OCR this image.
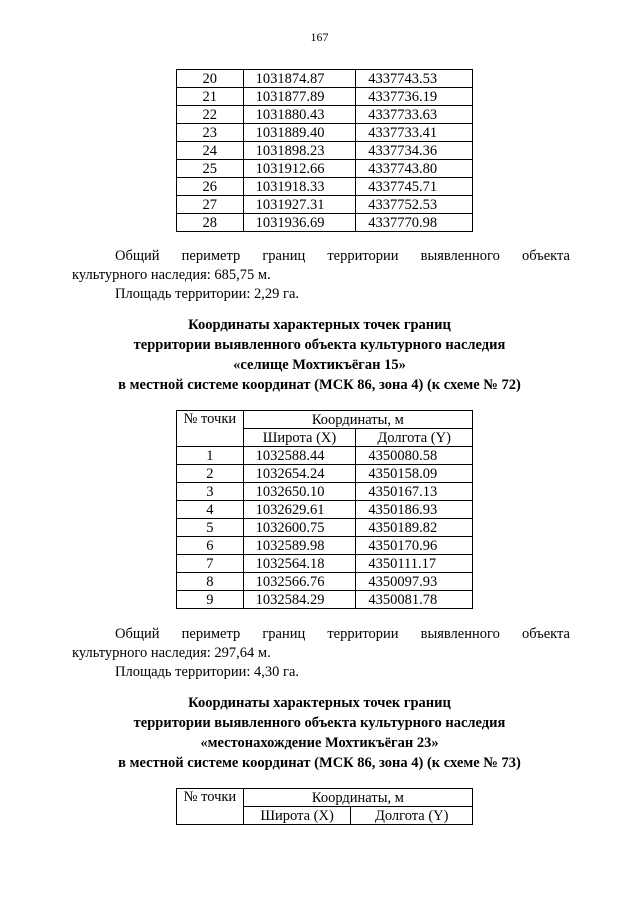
167
20	1031874.87	4337743.53
21	1031877.89	4337736.19
22	1031880.43	4337733.63
23	1031889.40	4337733.41
24	1031898.23	4337734.36
25	1031912.66	4337743.80
26	1031918.33	4337745.71
27	1031927.31	4337752.53
28	1031936.69	4337770.98
Общий периметр границ территории выявленного объекта
культурного наследия: 685,75 м.
Площадь территории: 2,29 га.
Координаты характерных точек границ
территории выявленного объекта культурного наследия
«селище Мохтикъёган 15»
в местной системе координат (МСК 86, зона 4) (к схеме № 72)
№ точки	Координаты, м	
	Широта (X)	Долгота (Y)
1	1032588.44	4350080.58
2	1032654.24	4350158.09
3	1032650.10	4350167.13
4	1032629.61	4350186.93
5	1032600.75	4350189.82
6	1032589.98	4350170.96
7	1032564.18	4350111.17
8	1032566.76	4350097.93
9	1032584.29	4350081.78
Общий периметр границ территории выявленного объекта
культурного наследия: 297,64 м.
Площадь территории: 4,30 га.
Координаты характерных точек границ
территории выявленного объекта культурного наследия
«местонахождение Мохтикъёган 23»
в местной системе координат (МСК 86, зона 4) (к схеме № 73)
№ точки	Координаты, м	
	Широта (X)	Долгота (Y)
